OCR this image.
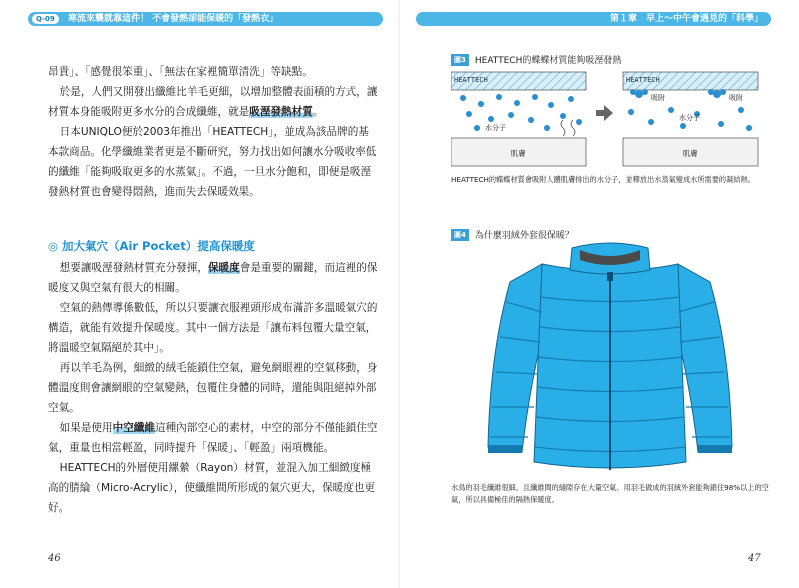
Q-09	寒流來襲就靠這件！ 不會發熱卻能保暖的「發熱衣」	第１章　早上～中午會遇見的「科學」

昂貴」、「感覺很笨重」、「無法在家裡簡單清洗」等缺點。

於是，人們又開發出纖維比羊毛更細，以增加整體表面積的方式，讓材質本身能吸附更多水分的合成纖維，就是吸溼發熱材質。

日本UNIQLO便於2003年推出「HEATTECH」，並成為該品牌的基本款商品。化學纖維業者更是不斷研究，努力找出如何讓水分吸收率低的纖維「能夠吸取更多的水蒸氣」。不過，一旦水分飽和，即便是吸溼發熱材質也會變得悶熱，進而失去保暖效果。

◎ 加大氣穴（Air Pocket）提高保暖度

想要讓吸溼發熱材質充分發揮，保暖度會是重要的關鍵，而這裡的保暖度又與空氣有很大的相關。

空氣的熱傳導係數低，所以只要讓衣服裡頭形成布滿許多溫暖氣穴的構造，就能有效提升保暖度。其中一個方法是「讓布料包覆大量空氣，將溫暖空氣隔絕於其中」。

再以羊毛為例，細緻的絨毛能鎖住空氣，避免網眼裡的空氣移動，身體溫度則會讓網眼的空氣變熱，包覆住身體的同時，還能與阻絕掉外部空氣。

如果是使用中空纖維這種內部空心的素材，中空的部分不僅能鎖住空氣，重量也相當輕盈，同時提升「保暖」、「輕盈」兩項機能。

HEATTECH的外層使用縲縈（Rayon）材質，並混入加工細緻度極高的腈綸（Micro-Acrylic），使纖維間所形成的氣穴更大，保暖度也更好。

46
圖3	HEATTECH的蝶蝶材質能夠吸溼發熱
HEATTECH
水分子
肌膚
HEATTECH
吸附	吸附
水分子
肌膚
HEATTECH的蝶蝶材質會吸附人體肌膚排出的水分子，並釋放出水蒸氣變成水所需要的凝結熱。
圖4	為什麼羽絨外套很保暖？
水鳥的羽毛纖維很細，且纖維間的縫隙存在大量空氣。用羽毛做成的羽絨外套能夠鎖住98%以上的空氣，所以具備極佳的隔熱保暖度。
47
